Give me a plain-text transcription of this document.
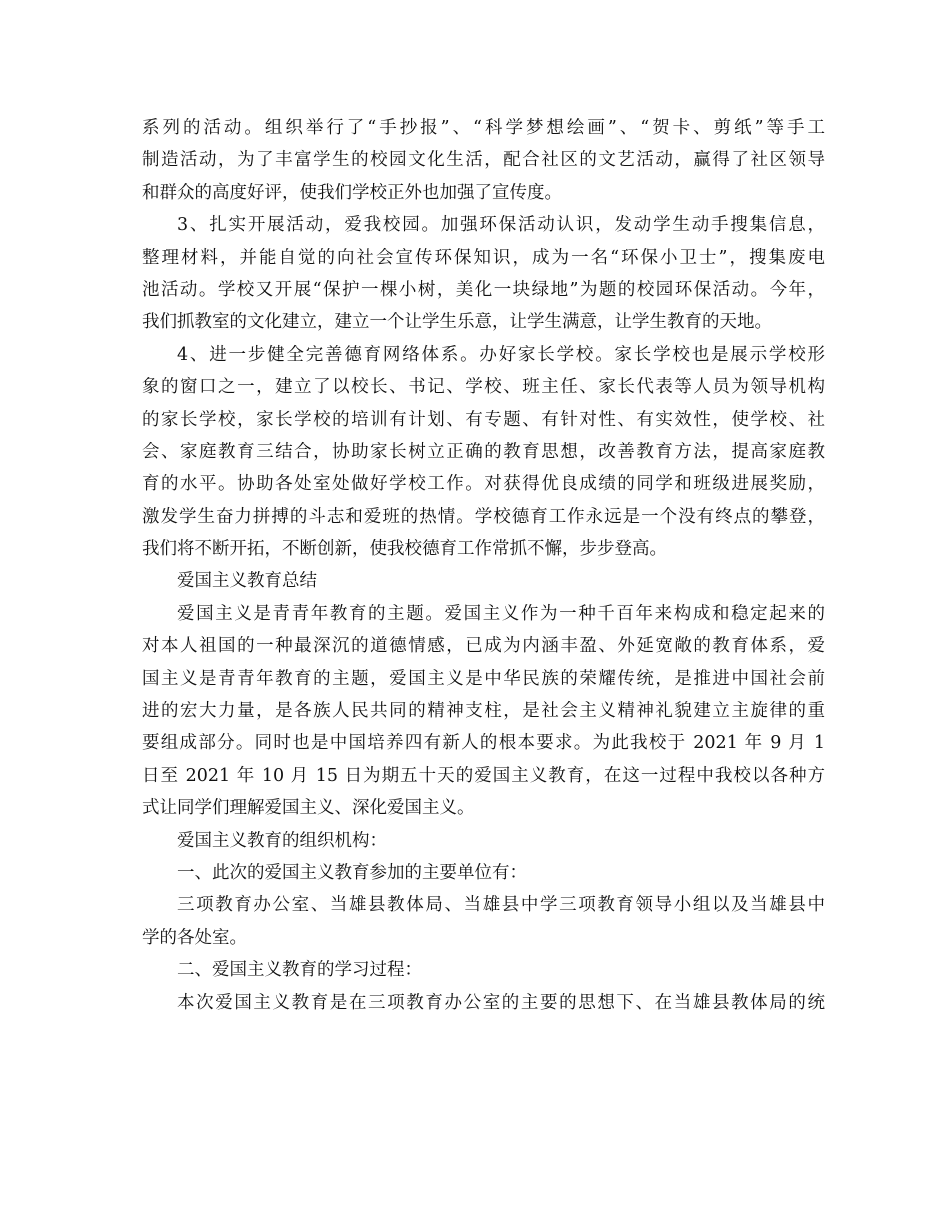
系列的活动。组织举行了“手抄报”、“科学梦想绘画”、“贺卡、剪纸”等手工
制造活动，为了丰富学生的校园文化生活，配合社区的文艺活动，赢得了社区领导
和群众的高度好评，使我们学校正外也加强了宣传度。
3、扎实开展活动，爱我校园。加强环保活动认识，发动学生动手搜集信息，
整理材料，并能自觉的向社会宣传环保知识，成为一名“环保小卫士”，搜集废电
池活动。学校又开展“保护一棵小树，美化一块绿地”为题的校园环保活动。今年，
我们抓教室的文化建立，建立一个让学生乐意，让学生满意，让学生教育的天地。
4、进一步健全完善德育网络体系。办好家长学校。家长学校也是展示学校形
象的窗口之一，建立了以校长、书记、学校、班主任、家长代表等人员为领导机构
的家长学校，家长学校的培训有计划、有专题、有针对性、有实效性，使学校、社
会、家庭教育三结合，协助家长树立正确的教育思想，改善教育方法，提高家庭教
育的水平。协助各处室处做好学校工作。对获得优良成绩的同学和班级进展奖励，
激发学生奋力拼搏的斗志和爱班的热情。学校德育工作永远是一个没有终点的攀登，
我们将不断开拓，不断创新，使我校德育工作常抓不懈，步步登高。
爱国主义教育总结
爱国主义是青青年教育的主题。爱国主义作为一种千百年来构成和稳定起来的
对本人祖国的一种最深沉的道德情感，已成为内涵丰盈、外延宽敞的教育体系，爱
国主义是青青年教育的主题，爱国主义是中华民族的荣耀传统，是推进中国社会前
进的宏大力量，是各族人民共同的精神支柱，是社会主义精神礼貌建立主旋律的重
要组成部分。同时也是中国培养四有新人的根本要求。为此我校于 2021 年 9 月 1
日至 2021 年 10 月 15 日为期五十天的爱国主义教育，在这一过程中我校以各种方
式让同学们理解爱国主义、深化爱国主义。
爱国主义教育的组织机构：
一、此次的爱国主义教育参加的主要单位有：
三项教育办公室、当雄县教体局、当雄县中学三项教育领导小组以及当雄县中
学的各处室。
二、爱国主义教育的学习过程：
本次爱国主义教育是在三项教育办公室的主要的思想下、在当雄县教体局的统
